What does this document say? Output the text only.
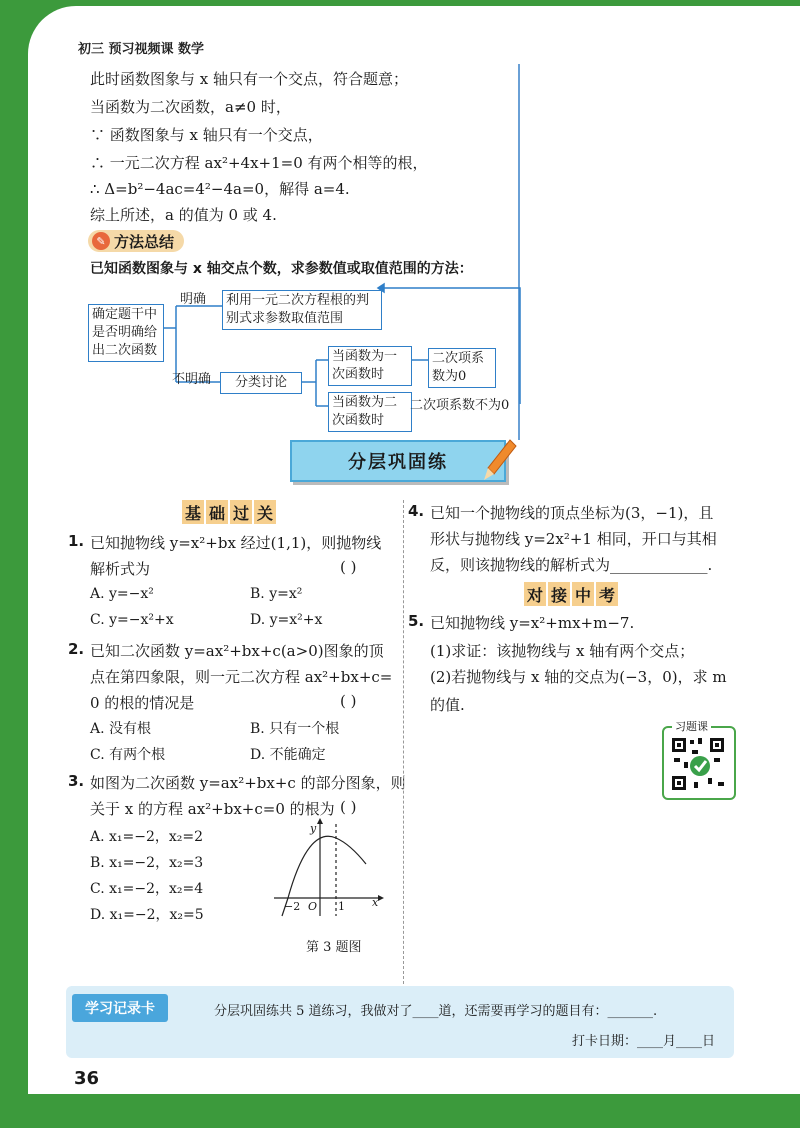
初三 预习视频课 数学
此时函数图象与 x 轴只有一个交点，符合题意；
当函数为二次函数，a≠0 时，
∵ 函数图象与 x 轴只有一个交点，
∴ 一元二次方程 ax²+4x+1=0 有两个相等的根，
∴ Δ=b²−4ac=4²−4a=0，解得 a=4.
综上所述，a 的值为 0 或 4.
✎ 方法总结
已知函数图象与 x 轴交点个数，求参数值或取值范围的方法：
确定题干中是否明确给出二次函数
明确	利用一元二次方程根的判别式求参数取值范围
不明确	分类讨论
当函数为一次函数时
二次项系数为0
当函数为二次函数时
二次项系数不为0
分层巩固练
基 础 过 关
1. 已知抛物线 y=x²+bx 经过(1,1)，则抛物线
解析式为	( )
A. y=−x²	B. y=x²
C. y=−x²+x	D. y=x²+x
2. 已知二次函数 y=ax²+bx+c(a>0)图象的顶
点在第四象限，则一元二次方程 ax²+bx+c=
0 的根的情况是	( )
A. 没有根	B. 只有一个根
C. 有两个根	D. 不能确定
3. 如图为二次函数 y=ax²+bx+c 的部分图象，则
关于 x 的方程 ax²+bx+c=0 的根为 ( )
A. x₁=−2，x₂=2
B. x₁=−2，x₂=3
C. x₁=−2，x₂=4
D. x₁=−2，x₂=5
y
x
O
−2	1
第 3 题图
4. 已知一个抛物线的顶点坐标为(3，−1)，且
形状与抛物线 y=2x²+1 相同，开口与其相
反，则该抛物线的解析式为_____________.
对 接 中 考
5. 已知抛物线 y=x²+mx+m−7.
(1)求证：该抛物线与 x 轴有两个交点；
(2)若抛物线与 x 轴的交点为(−3，0)，求 m
的值.
习题课
学习记录卡	分层巩固练共 5 道练习，我做对了____道，还需要再学习的题目有：_______.
打卡日期：____月____日
36
